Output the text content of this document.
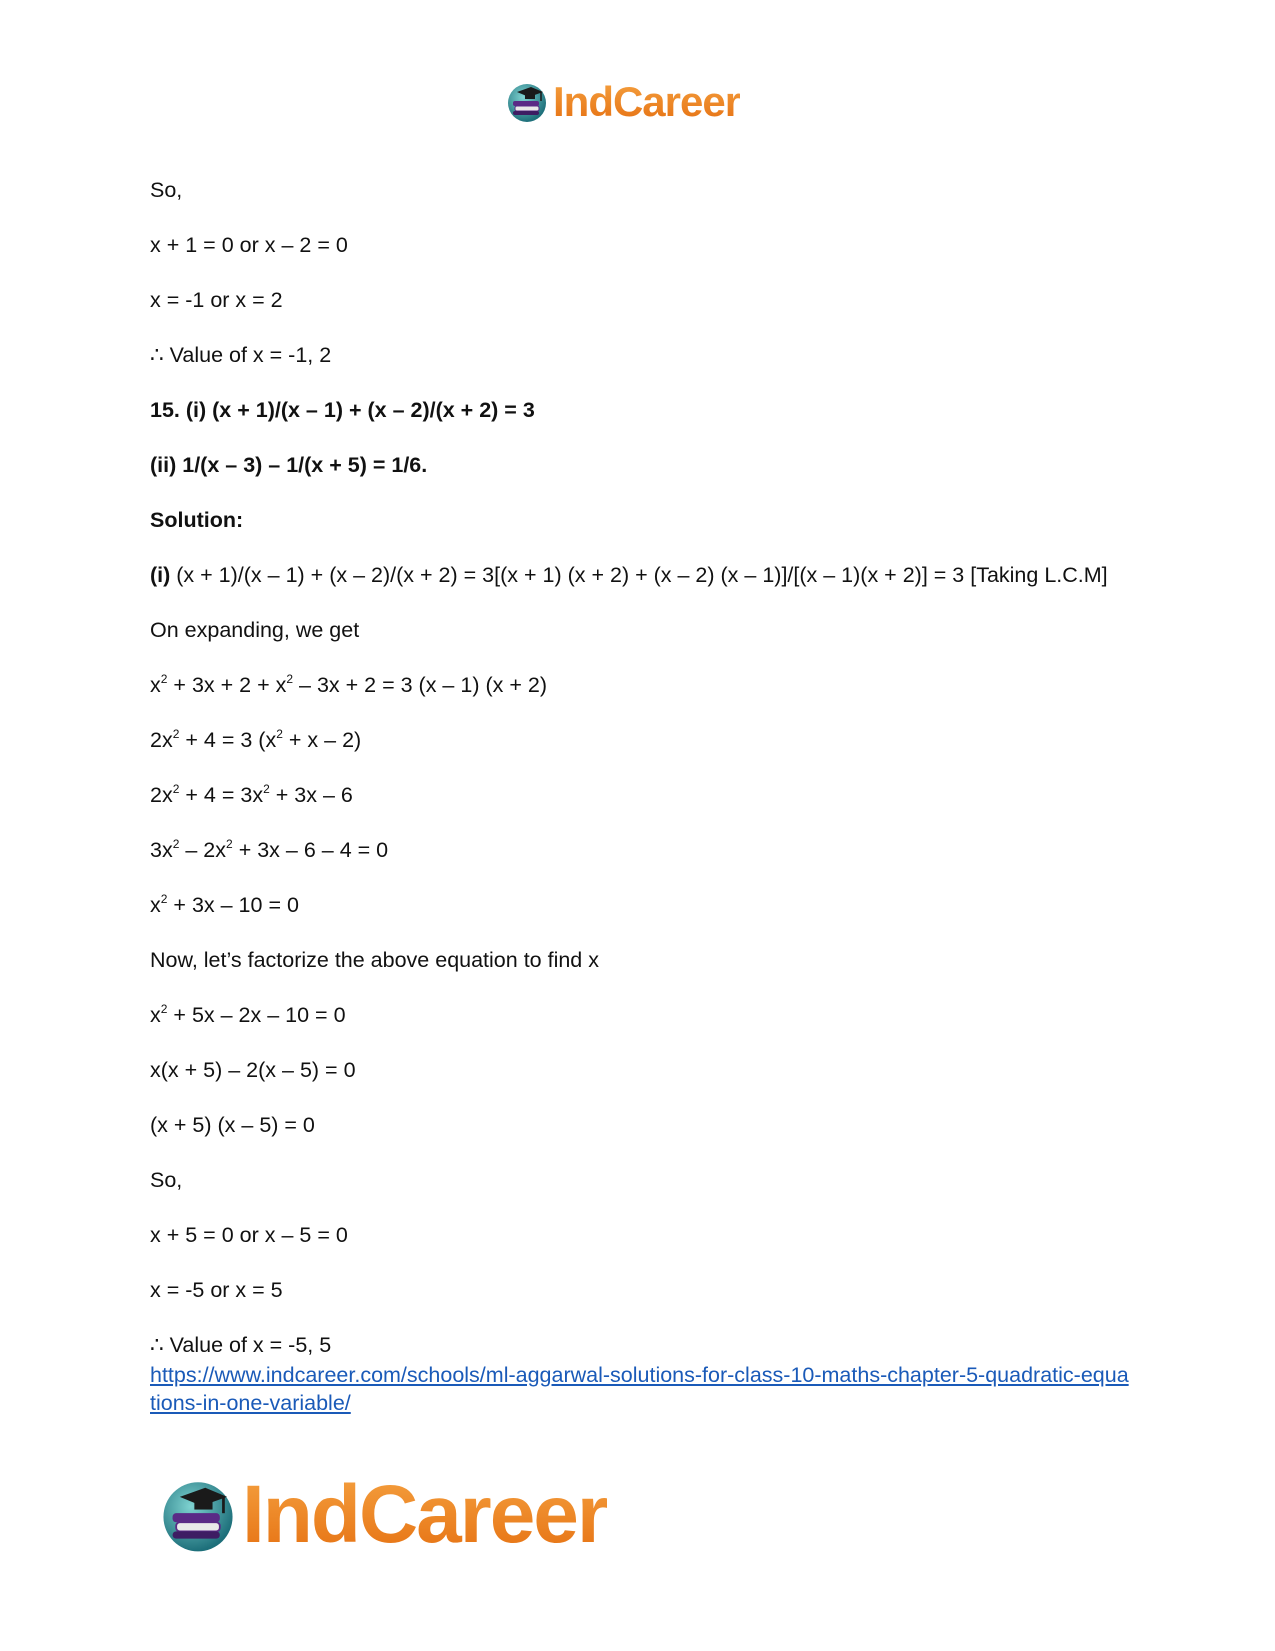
IndCareer

So,

x + 1 = 0 or x – 2 = 0

x = -1 or x = 2

∴ Value of x = -1, 2

15. (i) (x + 1)/(x – 1) + (x – 2)/(x + 2) = 3

(ii) 1/(x – 3) – 1/(x + 5) = 1/6.

Solution:

(i) (x + 1)/(x – 1) + (x – 2)/(x + 2) = 3[(x + 1) (x + 2) + (x – 2) (x – 1)]/[(x – 1)(x + 2)] = 3 [Taking L.C.M]

On expanding, we get

$x^2 + 3x + 2 + x^2 - 3x + 2 = 3$ (x – 1) (x + 2)

$2x^2 + 4 = 3$ $(x^2 + x - 2)$

$2x^2 + 4 = 3x^2 + 3x - 6$

$3x^2 - 2x^2 + 3x - 6 - 4 = 0$

$x^2 + 3x - 10 = 0$

Now, let’s factorize the above equation to find x

$x^2 + 5x - 2x - 10 = 0$

x(x + 5) – 2(x – 5) = 0

(x + 5) (x – 5) = 0

So,

x + 5 = 0 or x – 5 = 0

x = -5 or x = 5

∴ Value of x = -5, 5

https://www.indcareer.com/schools/ml-aggarwal-solutions-for-class-10-maths-chapter-5-quadratic-equations-in-one-variable/
IndCareer
